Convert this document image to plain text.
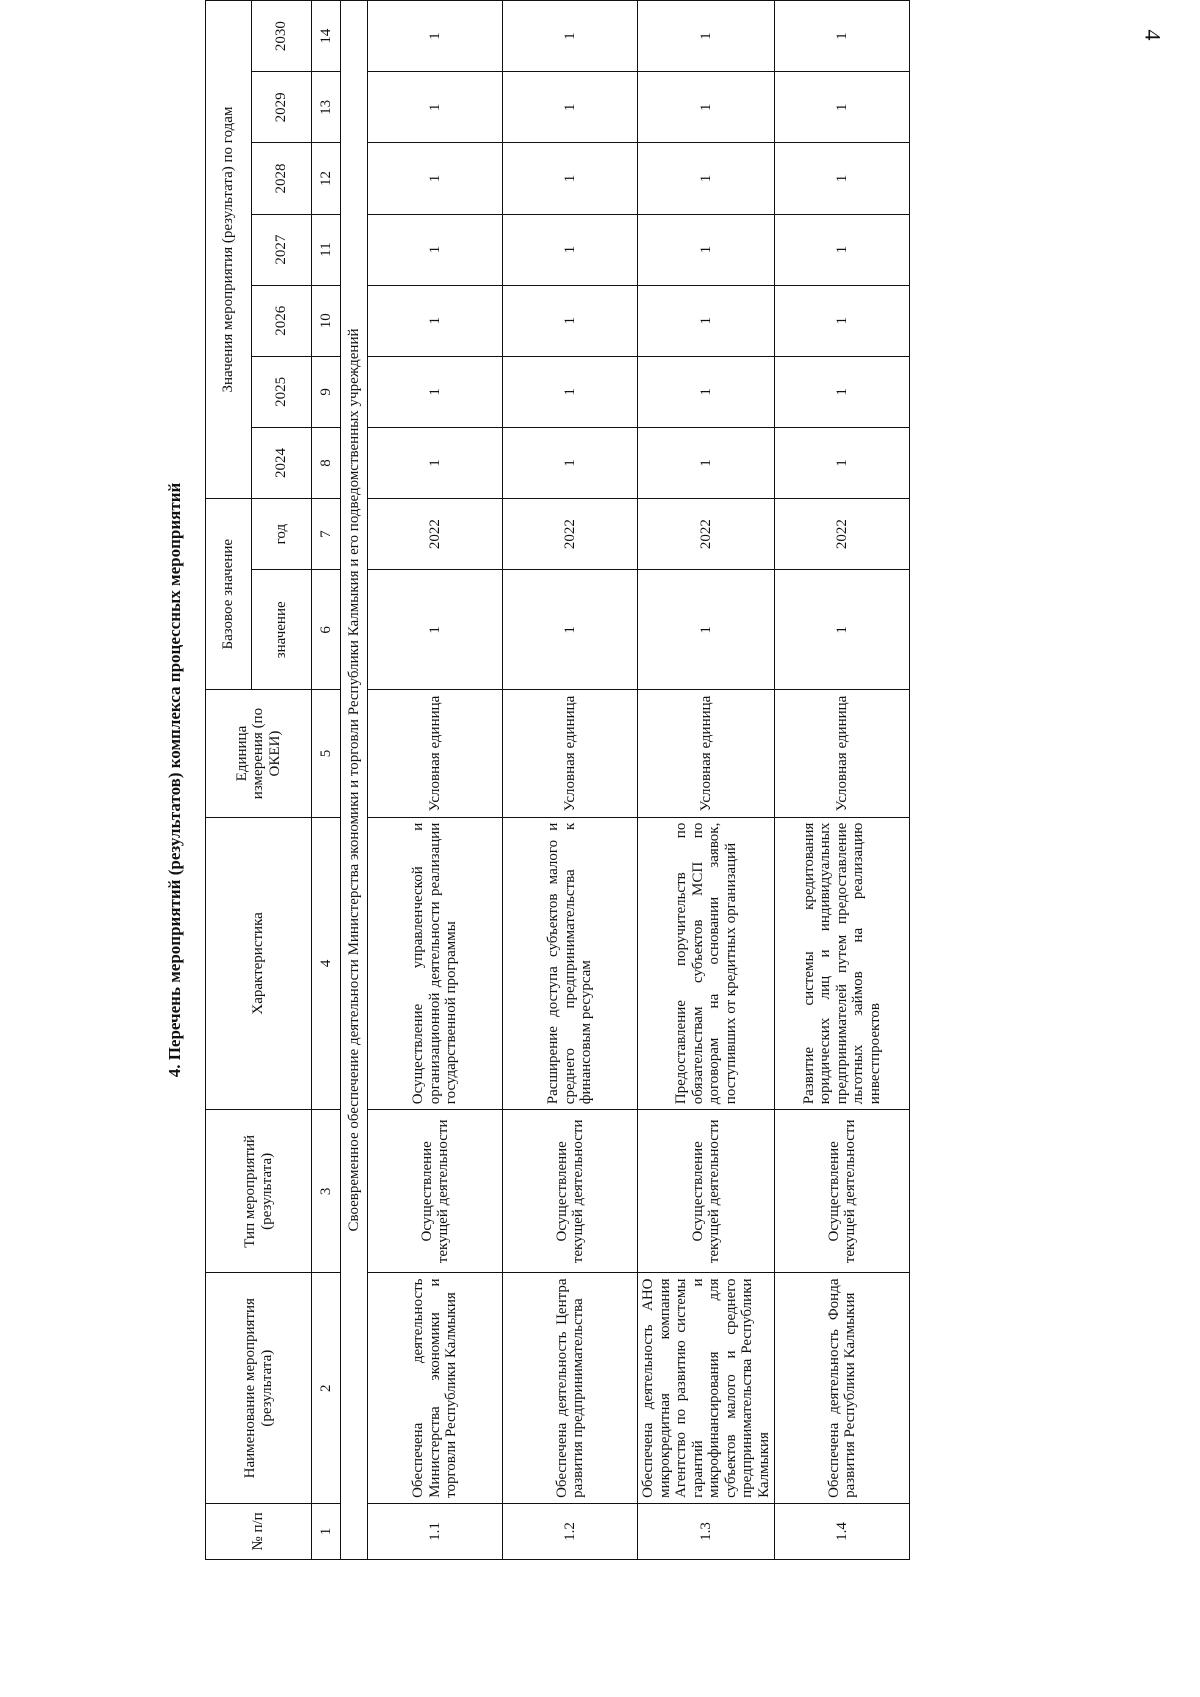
4
4. Перечень мероприятий (результатов) комплекса процессных мероприятий
№ п/п	Наименование мероприятия (результата)	Тип мероприятий (результата)	Характеристика	Единица измерения (по ОКЕИ)	Базовое значение		Значения мероприятия (результата) по годам						
					значение	год	2024	2025	2026	2027	2028	2029	2030
1	2	3	4	5	6	7	8	9	10	11	12	13	14
Своевременное обеспечение деятельности Министерства экономики и торговли Республики Калмыкия и его подведомственных учреждений													
1.1	Обеспечена деятельность Министерства экономики и торговли Республики Калмыкия	Осуществление текущей деятельности	Осуществление управленческой и организационной деятельности реализации государственной программы	Условная единица	1	2022	1	1	1	1	1	1	1
1.2	Обеспечена деятельность Центра развития предпринимательства	Осуществление текущей деятельности	Расширение доступа субъектов малого и среднего предпринимательства к финансовым ресурсам	Условная единица	1	2022	1	1	1	1	1	1	1
1.3	Обеспечена деятельность АНО микрокредитная компания Агентство по развитию системы гарантий и микрофинансирования для субъектов малого и среднего предпринимательства Республики Калмыкия	Осуществление текущей деятельности	Предоставление поручительств по обязательствам субъектов МСП по договорам на основании заявок, поступивших от кредитных организаций	Условная единица	1	2022	1	1	1	1	1	1	1
1.4	Обеспечена деятельность Фонда развития Республики Калмыкия	Осуществление текущей деятельности	Развитие системы кредитования юридических лиц и индивидуальных предпринимателей путем предоставление льготных займов на реализацию инвестпроектов	Условная единица	1	2022	1	1	1	1	1	1	1
